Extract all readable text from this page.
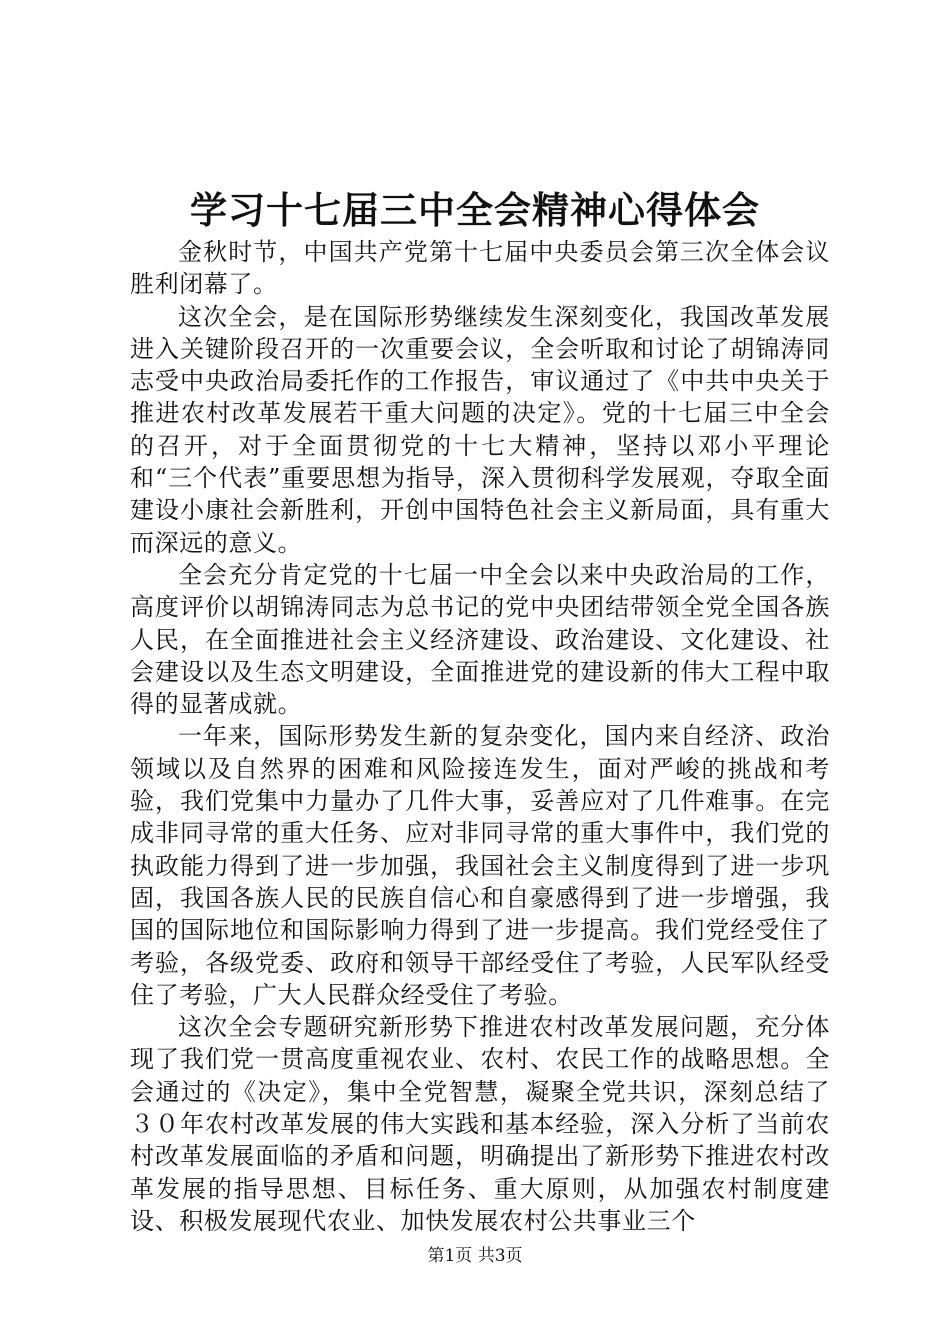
学习十七届三中全会精神心得体会

金秋时节，中国共产党第十七届中央委员会第三次全体会议胜利闭幕了。

这次全会，是在国际形势继续发生深刻变化，我国改革发展进入关键阶段召开的一次重要会议，全会听取和讨论了胡锦涛同志受中央政治局委托作的工作报告，审议通过了《中共中央关于推进农村改革发展若干重大问题的决定》。党的十七届三中全会的召开，对于全面贯彻党的十七大精神，坚持以邓小平理论和“三个代表”重要思想为指导，深入贯彻科学发展观，夺取全面建设小康社会新胜利，开创中国特色社会主义新局面，具有重大而深远的意义。

全会充分肯定党的十七届一中全会以来中央政治局的工作，高度评价以胡锦涛同志为总书记的党中央团结带领全党全国各族人民，在全面推进社会主义经济建设、政治建设、文化建设、社会建设以及生态文明建设，全面推进党的建设新的伟大工程中取得的显著成就。

一年来，国际形势发生新的复杂变化，国内来自经济、政治领域以及自然界的困难和风险接连发生，面对严峻的挑战和考验，我们党集中力量办了几件大事，妥善应对了几件难事。在完成非同寻常的重大任务、应对非同寻常的重大事件中，我们党的执政能力得到了进一步加强，我国社会主义制度得到了进一步巩固，我国各族人民的民族自信心和自豪感得到了进一步增强，我国的国际地位和国际影响力得到了进一步提高。我们党经受住了考验，各级党委、政府和领导干部经受住了考验，人民军队经受住了考验，广大人民群众经受住了考验。

这次全会专题研究新形势下推进农村改革发展问题，充分体现了我们党一贯高度重视农业、农村、农民工作的战略思想。全会通过的《决定》，集中全党智慧，凝聚全党共识，深刻总结了３０年农村改革发展的伟大实践和基本经验，深入分析了当前农村改革发展面临的矛盾和问题，明确提出了新形势下推进农村改革发展的指导思想、目标任务、重大原则，从加强农村制度建设、积极发展现代农业、加快发展农村公共事业三个

第1页 共3页
